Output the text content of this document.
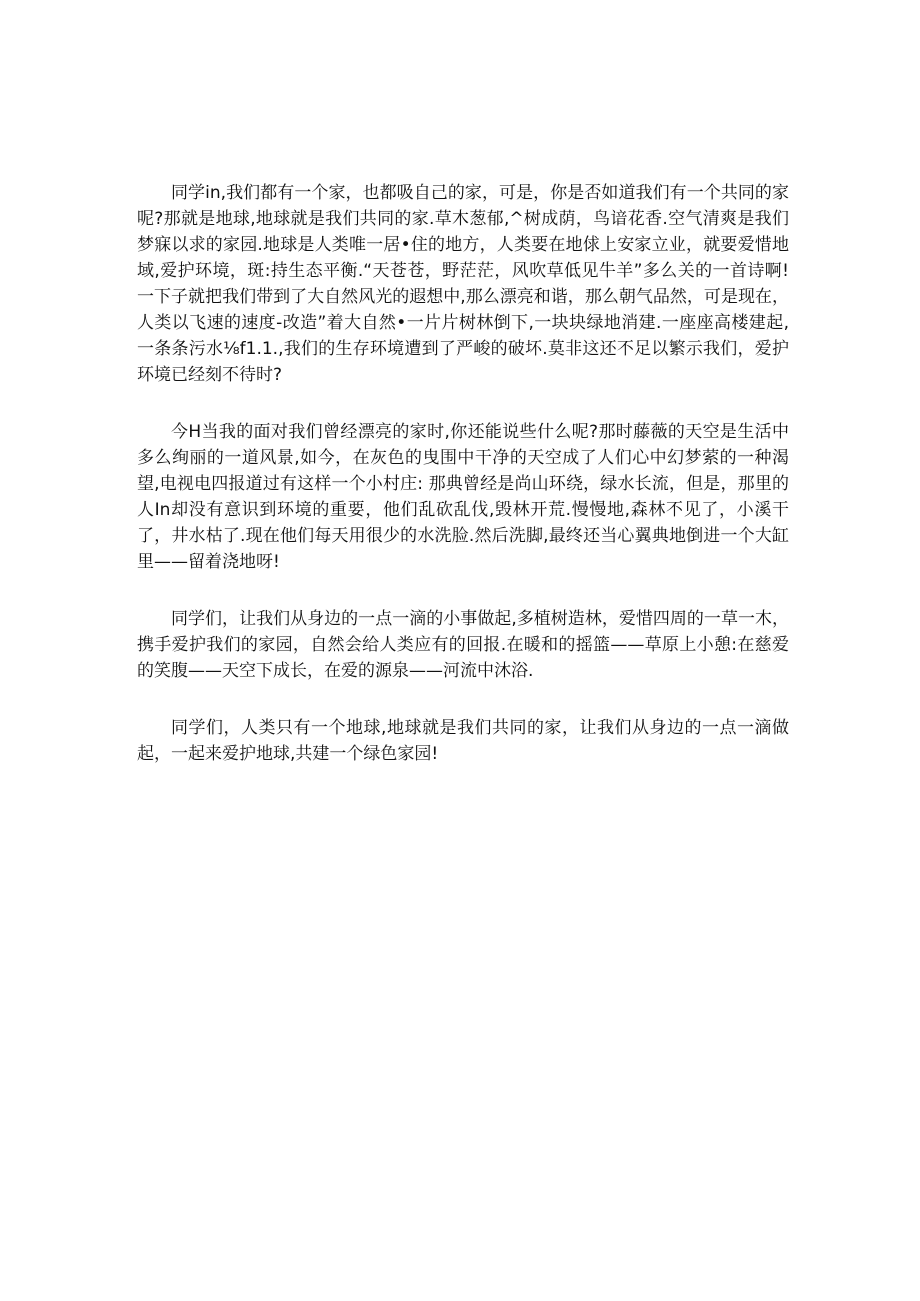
同学in,我们都有一个家，也都吸自己的家，可是，你是否如道我们有一个共同的家呢?那就是地球,地球就是我们共同的家.草木葱郁,^树成荫，鸟谙花香.空气清爽是我们梦寐以求的家园.地球是人类唯一居•住的地方，人类要在地俅上安家立业，就要爱惜地域,爱护环境，斑:持生态平衡.“天苍苍，野茫茫，风吹草低见牛羊”多么关的一首诗啊!一下子就把我们带到了大自然风光的遐想中,那么漂亮和谐，那么朝气品然，可是现在，人类以飞速的速度-改造”着大自然•一片片树林倒下,一块块绿地消建.一座座高楼建起,一条条污水⅛f1.1.,我们的生存环境遭到了严峻的破坏.莫非这还不足以繁示我们，爱护环境已经刻不待时?

今H当我的面对我们曾经漂亮的家时,你还能说些什么呢?那时藤薇的天空是生活中多么绚丽的一道风景,如今，在灰色的曳围中干净的天空成了人们心中幻梦萦的一种渴望,电视电四报道过有这样一个小村庄: 那典曾经是尚山环绕，绿水长流，但是，那里的人In却没有意识到环境的重要，他们乱砍乱伐,毁林开荒.慢慢地,森林不见了，小溪干了，井水枯了.现在他们每天用很少的水洗脸.然后洗脚,最终还当心翼典地倒进一个大缸里——留着浇地呀!

同学们，让我们从身边的一点一滴的小事做起,多植树造林，爱惜四周的一草一木，携手爱护我们的家园，自然会给人类应有的回报.在暖和的摇篮——草原上小憩:在慈爱的笑腹——天空下成长，在爱的源泉——河流中沐浴.

同学们，人类只有一个地球,地球就是我们共同的家，让我们从身边的一点一滴做起，一起来爱护地球,共建一个绿色家园!
